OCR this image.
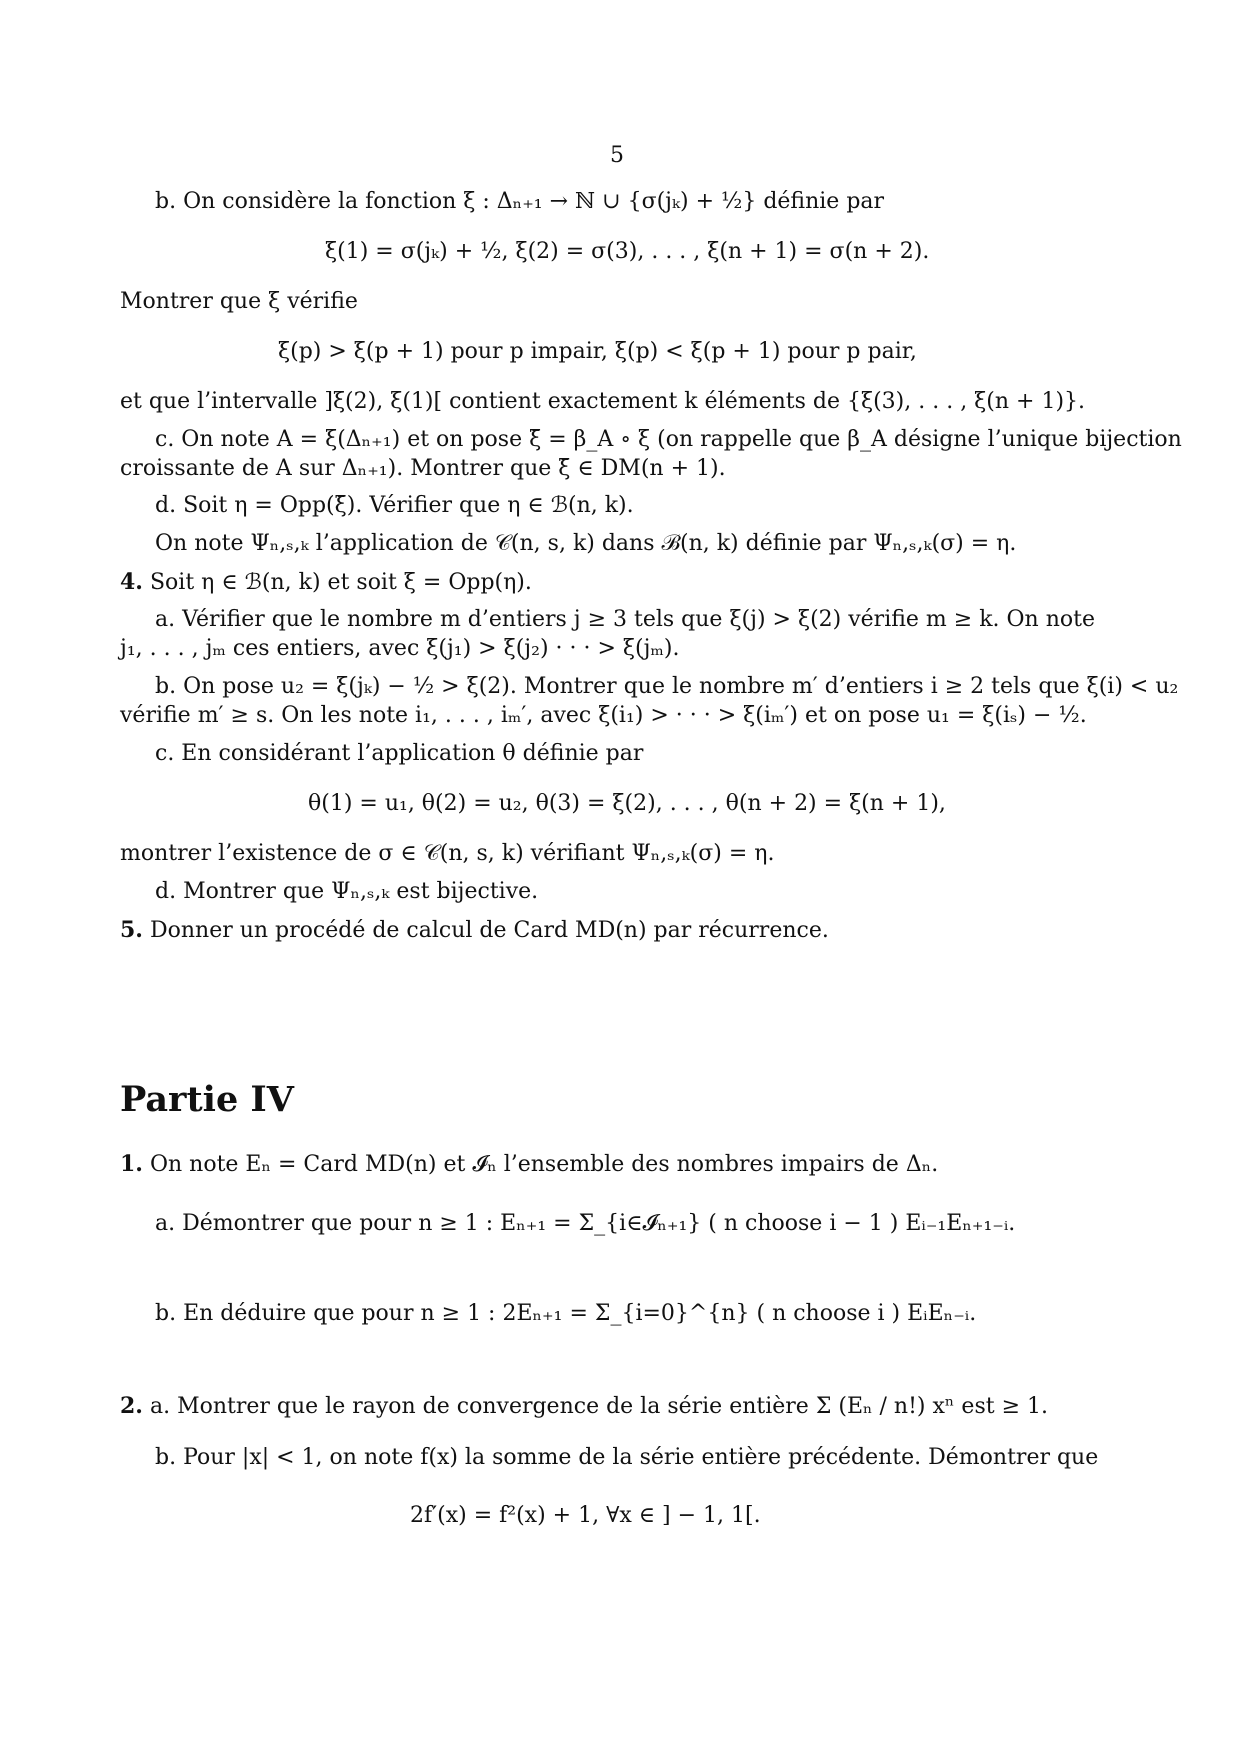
5
b. On considère la fonction ξ : Δₙ₊₁ → ℕ ∪ {σ(jₖ) + ½} définie par
ξ(1) = σ(jₖ) + ½, ξ(2) = σ(3), . . . , ξ(n + 1) = σ(n + 2).
Montrer que ξ vérifie
ξ(p) > ξ(p + 1) pour p impair, ξ(p) < ξ(p + 1) pour p pair,
et que l’intervalle ]ξ(2), ξ(1)[ contient exactement k éléments de {ξ(3), . . . , ξ(n + 1)}.
c. On note A = ξ(Δₙ₊₁) et on pose ξ̄ = β_A ∘ ξ (on rappelle que β_A désigne l’unique bijection
croissante de A sur Δₙ₊₁). Montrer que ξ̄ ∈ DM(n + 1).
d. Soit η = Opp(ξ̄). Vérifier que η ∈ ℬ(n, k).
On note Ψₙ,ₛ,ₖ l’application de 𝒞(n, s, k) dans ℬ(n, k) définie par Ψₙ,ₛ,ₖ(σ) = η.
4. Soit η ∈ ℬ(n, k) et soit ξ = Opp(η).
a. Vérifier que le nombre m d’entiers j ≥ 3 tels que ξ(j) > ξ(2) vérifie m ≥ k. On note
j₁, . . . , jₘ ces entiers, avec ξ(j₁) > ξ(j₂) · · · > ξ(jₘ).
b. On pose u₂ = ξ(jₖ) − ½ > ξ(2). Montrer que le nombre m′ d’entiers i ≥ 2 tels que ξ(i) < u₂
vérifie m′ ≥ s. On les note i₁, . . . , iₘ′, avec ξ(i₁) > · · · > ξ(iₘ′) et on pose u₁ = ξ(iₛ) − ½.
c. En considérant l’application θ définie par
θ(1) = u₁, θ(2) = u₂, θ(3) = ξ(2), . . . , θ(n + 2) = ξ(n + 1),
montrer l’existence de σ ∈ 𝒞(n, s, k) vérifiant Ψₙ,ₛ,ₖ(σ) = η.
d. Montrer que Ψₙ,ₛ,ₖ est bijective.
5. Donner un procédé de calcul de Card MD(n) par récurrence.
Partie IV
1. On note Eₙ = Card MD(n) et 𝓘ₙ l’ensemble des nombres impairs de Δₙ.
a. Démontrer que pour n ≥ 1 : Eₙ₊₁ = Σ_{i∈𝓘ₙ₊₁} ( n choose i − 1 ) Eᵢ₋₁Eₙ₊₁₋ᵢ.
b. En déduire que pour n ≥ 1 : 2Eₙ₊₁ = Σ_{i=0}^{n} ( n choose i ) EᵢEₙ₋ᵢ.
2. a. Montrer que le rayon de convergence de la série entière Σ (Eₙ / n!) xⁿ est ≥ 1.
b. Pour |x| < 1, on note f(x) la somme de la série entière précédente. Démontrer que
2f′(x) = f²(x) + 1, ∀x ∈ ] − 1, 1[.
